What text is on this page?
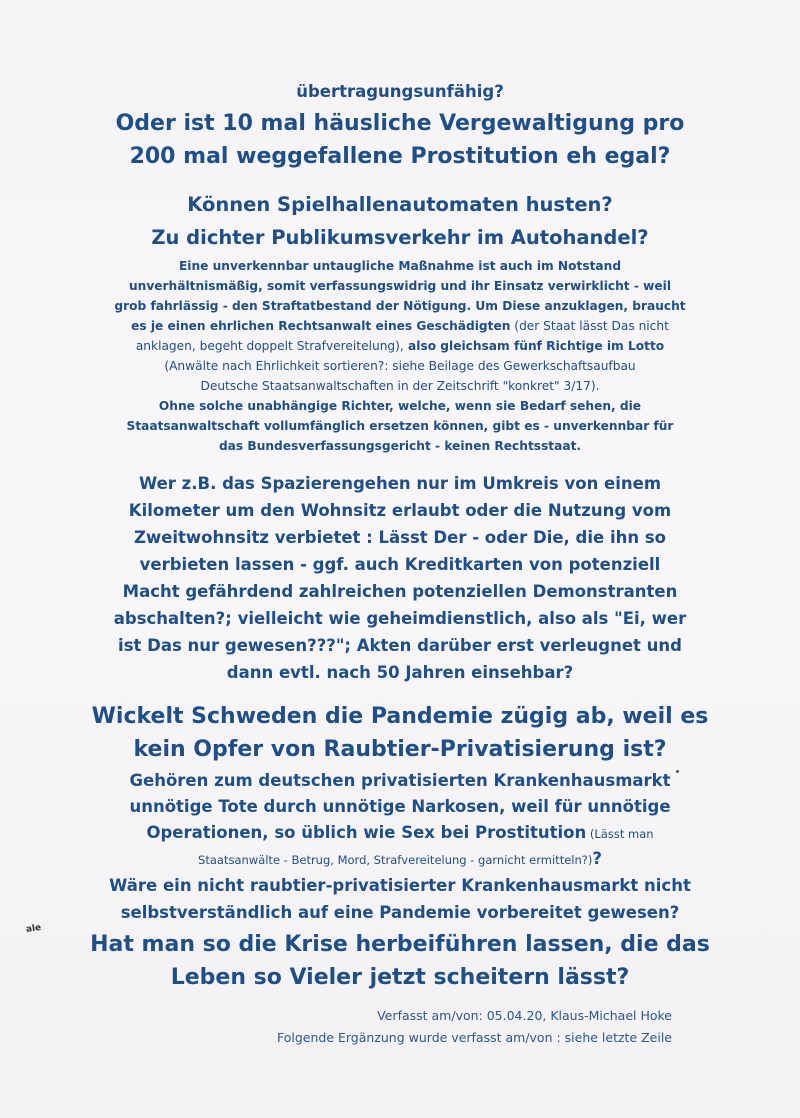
übertragungsunfähig?
Oder ist 10 mal häusliche Vergewaltigung pro
200 mal weggefallene Prostitution eh egal?
Können Spielhallenautomaten husten?
Zu dichter Publikumsverkehr im Autohandel?
Eine unverkennbar untaugliche Maßnahme ist auch im Notstand
unverhältnismäßig, somit verfassungswidrig und ihr Einsatz verwirklicht - weil
grob fahrlässig - den Straftatbestand der Nötigung. Um Diese anzuklagen, braucht
es je einen ehrlichen Rechtsanwalt eines Geschädigten (der Staat lässt Das nicht
anklagen, begeht doppelt Strafvereitelung), also gleichsam fünf Richtige im Lotto
(Anwälte nach Ehrlichkeit sortieren?: siehe Beilage des Gewerkschaftsaufbau
Deutsche Staatsanwaltschaften in der Zeitschrift "konkret" 3/17).
Ohne solche unabhängige Richter, welche, wenn sie Bedarf sehen, die
Staatsanwaltschaft vollumfänglich ersetzen können, gibt es - unverkennbar für
das Bundesverfassungsgericht - keinen Rechtsstaat.
Wer z.B. das Spazierengehen nur im Umkreis von einem
Kilometer um den Wohnsitz erlaubt oder die Nutzung vom
Zweitwohnsitz verbietet : Lässt Der - oder Die, die ihn so
verbieten lassen - ggf. auch Kreditkarten von potenziell
Macht gefährdend zahlreichen potenziellen Demonstranten
abschalten?; vielleicht wie geheimdienstlich, also als "Ei, wer
ist Das nur gewesen???"; Akten darüber erst verleugnet und
dann evtl. nach 50 Jahren einsehbar?
Wickelt Schweden die Pandemie zügig ab, weil es
kein Opfer von Raubtier-Privatisierung ist?
Gehören zum deutschen privatisierten Krankenhausmarkt
unnötige Tote durch unnötige Narkosen, weil für unnötige
Operationen, so üblich wie Sex bei Prostitution (Lässt man
Staatsanwälte - Betrug, Mord, Strafvereitelung - garnicht ermitteln?)?
Wäre ein nicht raubtier-privatisierter Krankenhausmarkt nicht
selbstverständlich auf eine Pandemie vorbereitet gewesen?
Hat man so die Krise herbeiführen lassen, die das
Leben so Vieler jetzt scheitern lässt?
Verfasst am/von: 05.04.20, Klaus-Michael Hoke
Folgende Ergänzung wurde verfasst am/von : siehe letzte Zeile
ale
